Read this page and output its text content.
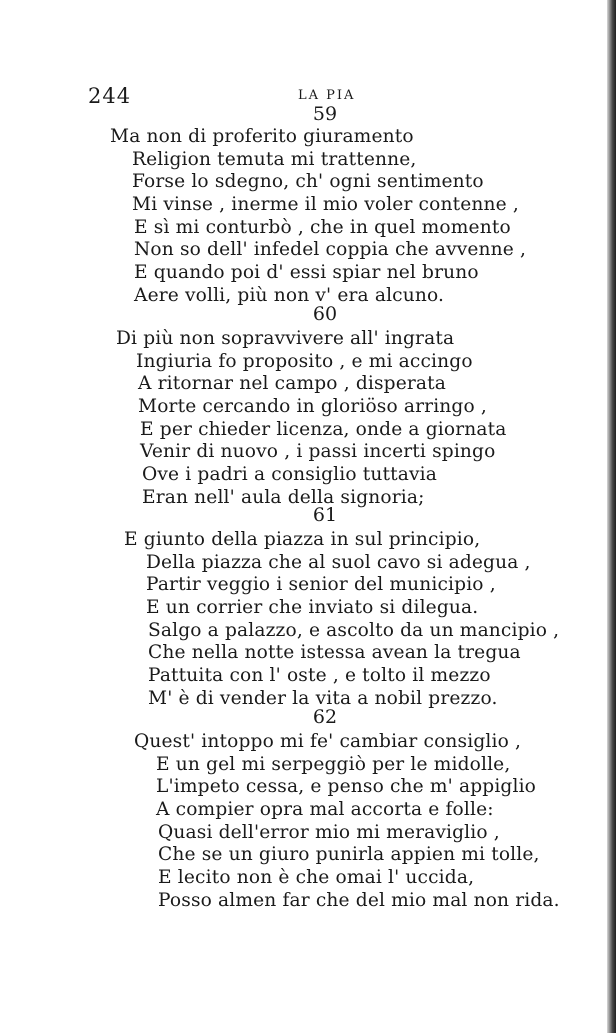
244	LA PIA
59
Ma non di proferito giuramento
Religion temuta mi trattenne,
Forse lo sdegno, ch' ogni sentimento
Mi vinse , inerme il mio voler contenne ,
E sì mi conturbò , che in quel momento
Non so dell' infedel coppia che avvenne ,
E quando poi d' essi spiar nel bruno
Aere volli, più non v' era alcuno.
60
Di più non sopravvivere all' ingrata
Ingiuria fo proposito , e mi accingo
A ritornar nel campo , disperata
Morte cercando in gloriöso arringo ,
E per chieder licenza, onde a giornata
Venir di nuovo , i passi incerti spingo
Ove i padri a consiglio tuttavia
Eran nell' aula della signoria;
61
E giunto della piazza in sul principio,
Della piazza che al suol cavo si adegua ,
Partir veggio i senior del municipio ,
E un corrier che inviato si dilegua.
Salgo a palazzo, e ascolto da un mancipio ,
Che nella notte istessa avean la tregua
Pattuita con l' oste , e tolto il mezzo
M' è di vender la vita a nobil prezzo.
62
Quest' intoppo mi fe' cambiar consiglio ,
E un gel mi serpeggiò per le midolle,
L'impeto cessa, e penso che m' appiglio
A compier opra mal accorta e folle:
Quasi dell'error mio mi meraviglio ,
Che se un giuro punirla appien mi tolle,
E lecito non è che omai l' uccida,
Posso almen far che del mio mal non rida.
